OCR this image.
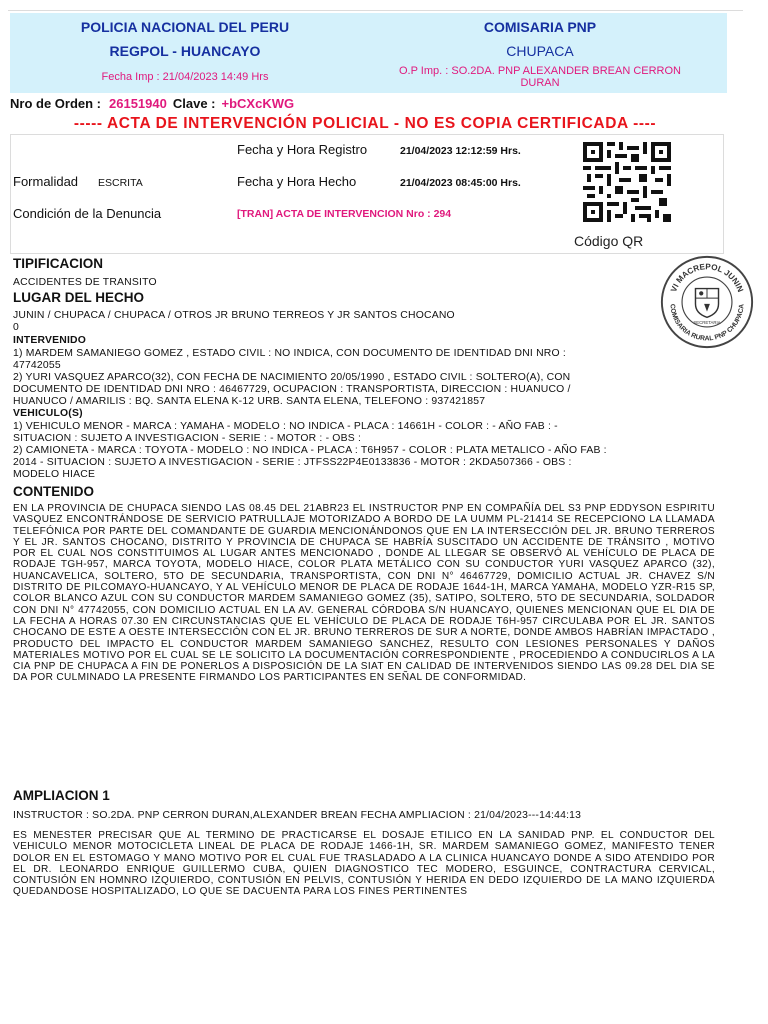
POLICIA NACIONAL DEL PERU
REGPOL - HUANCAYO
Fecha Imp : 21/04/2023 14:49 Hrs
COMISARIA PNP
CHUPACA
O.P Imp. : SO.2DA. PNP ALEXANDER BREAN CERRON
DURAN
Nro de Orden : 26151940 Clave : +bCXcKWG
----- ACTA DE INTERVENCIÓN POLICIAL - NO ES COPIA CERTIFICADA ----
Fecha y Hora Registro	21/04/2023 12:12:59 Hrs.
Formalidad ESCRITA	Fecha y Hora Hecho	21/04/2023 08:45:00 Hrs.
Condición de la Denuncia	[TRAN] ACTA DE INTERVENCION Nro : 294
Código QR
VI MACREPOL JUNIN
COMISARIA RURAL PNP CHUPACA
SECRETARIA
TIPIFICACION
ACCIDENTES DE TRANSITO
LUGAR DEL HECHO
JUNIN / CHUPACA / CHUPACA / OTROS JR BRUNO TERREOS Y JR SANTOS CHOCANO
0
INTERVENIDO
1) MARDEM SAMANIEGO GOMEZ , ESTADO CIVIL : NO INDICA, CON DOCUMENTO DE IDENTIDAD DNI NRO :
47742055
2) YURI VASQUEZ APARCO(32), CON FECHA DE NACIMIENTO 20/05/1990 , ESTADO CIVIL : SOLTERO(A), CON
DOCUMENTO DE IDENTIDAD DNI NRO : 46467729, OCUPACION : TRANSPORTISTA, DIRECCION : HUANUCO /
HUANUCO / AMARILIS : BQ. SANTA ELENA K-12 URB. SANTA ELENA, TELEFONO : 937421857
VEHICULO(S)
1) VEHICULO MENOR - MARCA : YAMAHA - MODELO : NO INDICA - PLACA : 14661H - COLOR : - AÑO FAB : -
SITUACION : SUJETO A INVESTIGACION - SERIE : - MOTOR : - OBS :
2) CAMIONETA - MARCA : TOYOTA - MODELO : NO INDICA - PLACA : T6H957 - COLOR : PLATA METALICO - AÑO FAB :
2014 - SITUACION : SUJETO A INVESTIGACION - SERIE : JTFSS22P4E0133836 - MOTOR : 2KDA507366 - OBS :
MODELO HIACE
CONTENIDO
EN LA PROVINCIA DE CHUPACA SIENDO LAS 08.45 DEL 21ABR23 EL INSTRUCTOR PNP EN COMPAÑÍA DEL S3 PNP EDDYSON ESPIRITU VASQUEZ ENCONTRÁNDOSE DE SERVICIO PATRULLAJE MOTORIZADO A BORDO DE LA UUMM PL-21414 SE RECEPCIONO LA LLAMADA TELEFÓNICA POR PARTE DEL COMANDANTE DE GUARDIA MENCIONÁNDONOS QUE EN LA INTERSECCIÓN DEL JR. BRUNO TERREROS Y EL JR. SANTOS CHOCANO, DISTRITO Y PROVINCIA DE CHUPACA SE HABRÍA SUSCITADO UN ACCIDENTE DE TRÁNSITO , MOTIVO POR EL CUAL NOS CONSTITUIMOS AL LUGAR ANTES MENCIONADO , DONDE AL LLEGAR SE OBSERVÓ AL VEHÍCULO DE PLACA DE RODAJE TGH-957, MARCA TOYOTA, MODELO HIACE, COLOR PLATA METÁLICO CON SU CONDUCTOR YURI VASQUEZ APARCO (32), HUANCAVELICA, SOLTERO, 5TO DE SECUNDARIA, TRANSPORTISTA, CON DNI N° 46467729, DOMICILIO ACTUAL JR. CHAVEZ S/N DISTRITO DE PILCOMAYO-HUANCAYO, Y AL VEHÍCULO MENOR DE PLACA DE RODAJE 1644-1H, MARCA YAMAHA, MODELO YZR-R15 SP, COLOR BLANCO AZUL CON SU CONDUCTOR MARDEM SAMANIEGO GOMEZ (35), SATIPO, SOLTERO, 5TO DE SECUNDARIA, SOLDADOR CON DNI N° 47742055, CON DOMICILIO ACTUAL EN LA AV. GENERAL CÓRDOBA S/N HUANCAYO, QUIENES MENCIONAN QUE EL DIA DE LA FECHA A HORAS 07.30 EN CIRCUNSTANCIAS QUE EL VEHÍCULO DE PLACA DE RODAJE T6H-957 CIRCULABA POR EL JR. SANTOS CHOCANO DE ESTE A OESTE INTERSECCIÓN CON EL JR. BRUNO TERREROS DE SUR A NORTE, DONDE AMBOS HABRÍAN IMPACTADO , PRODUCTO DEL IMPACTO EL CONDUCTOR MARDEM SAMANIEGO SANCHEZ, RESULTO CON LESIONES PERSONALES Y DAÑOS MATERIALES MOTIVO POR EL CUAL SE LE SOLICITO LA DOCUMENTACIÓN CORRESPONDIENTE , PROCEDIENDO A CONDUCIRLOS A LA CIA PNP DE CHUPACA A FIN DE PONERLOS A DISPOSICIÓN DE LA SIAT EN CALIDAD DE INTERVENIDOS SIENDO LAS 09.28 DEL DIA SE DA POR CULMINADO LA PRESENTE FIRMANDO LOS PARTICIPANTES EN SEÑAL DE CONFORMIDAD.
AMPLIACION 1
INSTRUCTOR : SO.2DA. PNP CERRON DURAN,ALEXANDER BREAN FECHA AMPLIACION : 21/04/2023---14:44:13
ES MENESTER PRECISAR QUE AL TERMINO DE PRACTICARSE EL DOSAJE ETILICO EN LA SANIDAD PNP. EL CONDUCTOR DEL VEHICULO MENOR MOTOCICLETA LINEAL DE PLACA DE RODAJE 1466-1H, SR. MARDEM SAMANIEGO GOMEZ, MANIFESTO TENER DOLOR EN EL ESTOMAGO Y MANO MOTIVO POR EL CUAL FUE TRASLADADO A LA CLINICA HUANCAYO DONDE A SIDO ATENDIDO POR EL DR. LEONARDO ENRIQUE GUILLERMO CUBA, QUIEN DIAGNOSTICO TEC MODERO, ESGUINCE, CONTRACTURA CERVICAL, CONTUSIÓN EN HOMNRO IZQUIERDO, CONTUSIÓN EN PELVIS, CONTUSIÓN Y HERIDA EN DEDO IZQUIERDO DE LA MANO IZQUIERDA QUEDANDOSE HOSPITALIZADO, LO QUE SE DACUENTA PARA LOS FINES PERTINENTES
